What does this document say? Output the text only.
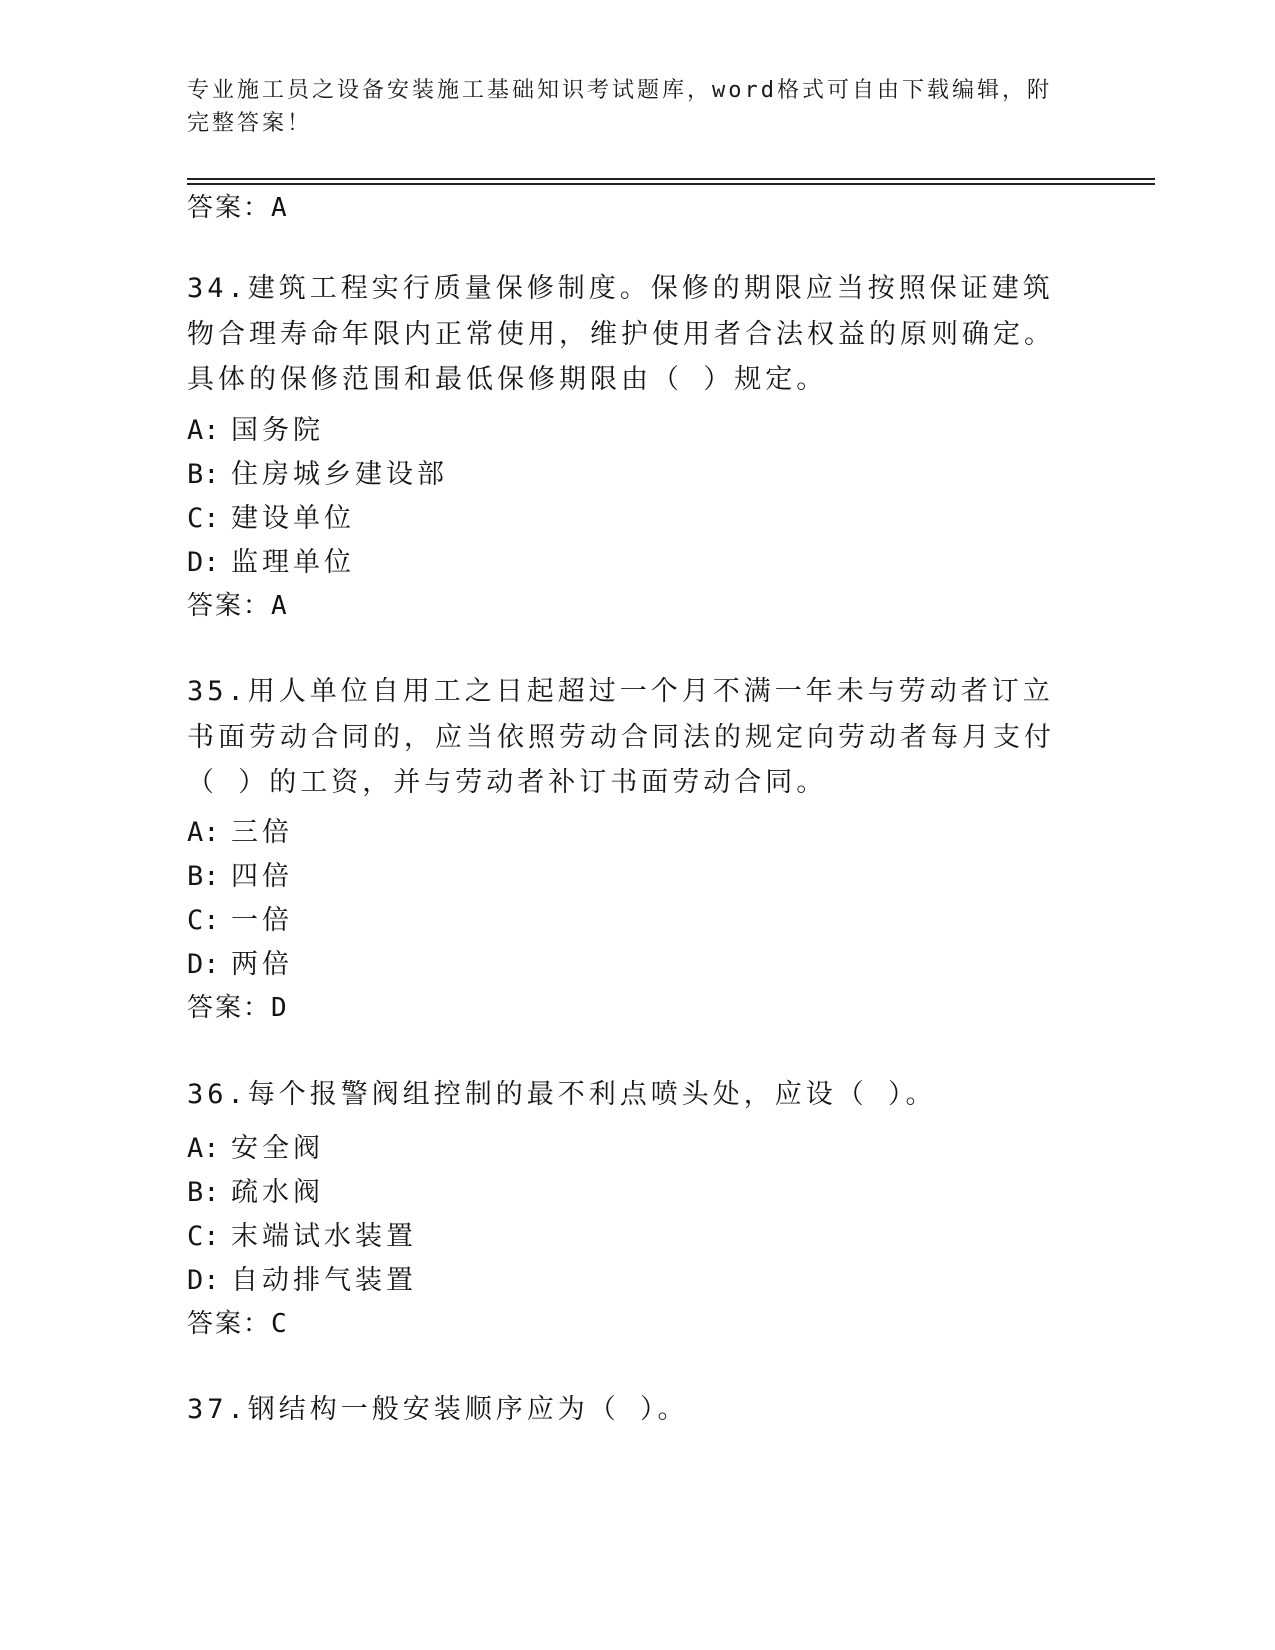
专业施工员之设备安装施工基础知识考试题库，word格式可自由下载编辑，附完整答案！
答案：A
34.建筑工程实行质量保修制度。保修的期限应当按照保证建筑物合理寿命年限内正常使用，维护使用者合法权益的原则确定。具体的保修范围和最低保修期限由（ ）规定。
A: 国务院
B: 住房城乡建设部
C: 建设单位
D: 监理单位
答案：A
35.用人单位自用工之日起超过一个月不满一年未与劳动者订立书面劳动合同的，应当依照劳动合同法的规定向劳动者每月支付（ ）的工资，并与劳动者补订书面劳动合同。
A: 三倍
B: 四倍
C: 一倍
D: 两倍
答案：D
36.每个报警阀组控制的最不利点喷头处，应设（ ）。
A: 安全阀
B: 疏水阀
C: 末端试水装置
D: 自动排气装置
答案：C
37.钢结构一般安装顺序应为（ ）。
